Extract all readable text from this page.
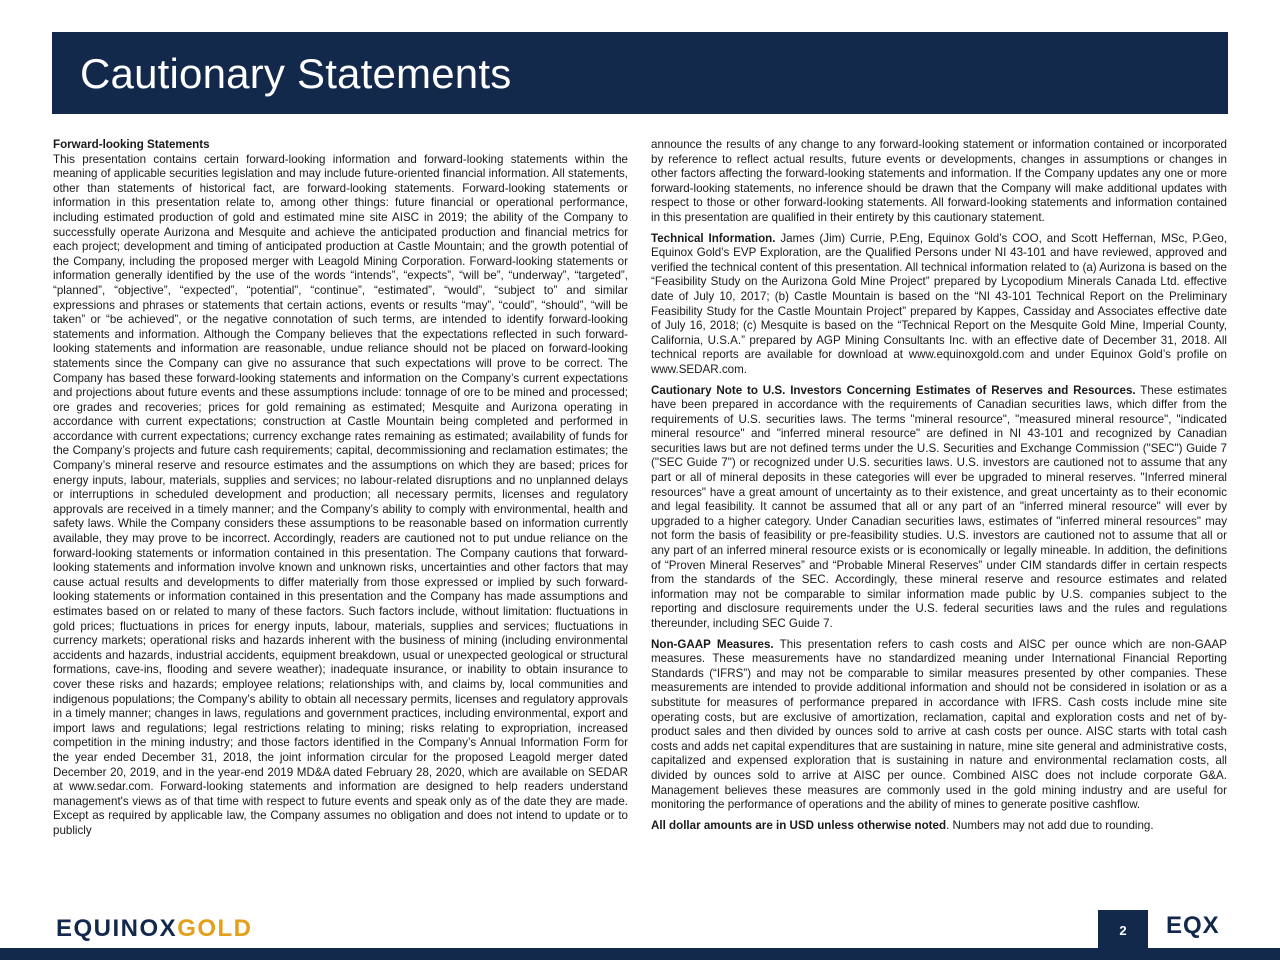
Cautionary Statements

Forward-looking Statements

This presentation contains certain forward-looking information and forward-looking statements within the meaning of applicable securities legislation and may include future-oriented financial information. All statements, other than statements of historical fact, are forward-looking statements. Forward-looking statements or information in this presentation relate to, among other things: future financial or operational performance, including estimated production of gold and estimated mine site AISC in 2019; the ability of the Company to successfully operate Aurizona and Mesquite and achieve the anticipated production and financial metrics for each project; development and timing of anticipated production at Castle Mountain; and the growth potential of the Company, including the proposed merger with Leagold Mining Corporation. Forward-looking statements or information generally identified by the use of the words “intends”, “expects”, “will be”, “underway”, “targeted”, “planned”, “objective”, “expected”, “potential”, “continue”, “estimated”, “would”, “subject to” and similar expressions and phrases or statements that certain actions, events or results “may”, “could”, “should”, “will be taken” or “be achieved”, or the negative connotation of such terms, are intended to identify forward-looking statements and information. Although the Company believes that the expectations reflected in such forward-looking statements and information are reasonable, undue reliance should not be placed on forward-looking statements since the Company can give no assurance that such expectations will prove to be correct. The Company has based these forward-looking statements and information on the Company’s current expectations and projections about future events and these assumptions include: tonnage of ore to be mined and processed; ore grades and recoveries; prices for gold remaining as estimated; Mesquite and Aurizona operating in accordance with current expectations; construction at Castle Mountain being completed and performed in accordance with current expectations; currency exchange rates remaining as estimated; availability of funds for the Company’s projects and future cash requirements; capital, decommissioning and reclamation estimates; the Company’s mineral reserve and resource estimates and the assumptions on which they are based; prices for energy inputs, labour, materials, supplies and services; no labour-related disruptions and no unplanned delays or interruptions in scheduled development and production; all necessary permits, licenses and regulatory approvals are received in a timely manner; and the Company’s ability to comply with environmental, health and safety laws. While the Company considers these assumptions to be reasonable based on information currently available, they may prove to be incorrect. Accordingly, readers are cautioned not to put undue reliance on the forward-looking statements or information contained in this presentation. The Company cautions that forward-looking statements and information involve known and unknown risks, uncertainties and other factors that may cause actual results and developments to differ materially from those expressed or implied by such forward-looking statements or information contained in this presentation and the Company has made assumptions and estimates based on or related to many of these factors. Such factors include, without limitation: fluctuations in gold prices; fluctuations in prices for energy inputs, labour, materials, supplies and services; fluctuations in currency markets; operational risks and hazards inherent with the business of mining (including environmental accidents and hazards, industrial accidents, equipment breakdown, usual or unexpected geological or structural formations, cave-ins, flooding and severe weather); inadequate insurance, or inability to obtain insurance to cover these risks and hazards; employee relations; relationships with, and claims by, local communities and indigenous populations; the Company’s ability to obtain all necessary permits, licenses and regulatory approvals in a timely manner; changes in laws, regulations and government practices, including environmental, export and import laws and regulations; legal restrictions relating to mining; risks relating to expropriation, increased competition in the mining industry; and those factors identified in the Company’s Annual Information Form for the year ended December 31, 2018, the joint information circular for the proposed Leagold merger dated December 20, 2019, and in the year-end 2019 MD&A dated February 28, 2020, which are available on SEDAR at www.sedar.com. Forward-looking statements and information are designed to help readers understand management's views as of that time with respect to future events and speak only as of the date they are made. Except as required by applicable law, the Company assumes no obligation and does not intend to update or to publicly

announce the results of any change to any forward-looking statement or information contained or incorporated by reference to reflect actual results, future events or developments, changes in assumptions or changes in other factors affecting the forward-looking statements and information. If the Company updates any one or more forward-looking statements, no inference should be drawn that the Company will make additional updates with respect to those or other forward-looking statements. All forward-looking statements and information contained in this presentation are qualified in their entirety by this cautionary statement.

Technical Information. James (Jim) Currie, P.Eng, Equinox Gold’s COO, and Scott Heffernan, MSc, P.Geo, Equinox Gold’s EVP Exploration, are the Qualified Persons under NI 43-101 and have reviewed, approved and verified the technical content of this presentation. All technical information related to (a) Aurizona is based on the “Feasibility Study on the Aurizona Gold Mine Project” prepared by Lycopodium Minerals Canada Ltd. effective date of July 10, 2017; (b) Castle Mountain is based on the “NI 43-101 Technical Report on the Preliminary Feasibility Study for the Castle Mountain Project” prepared by Kappes, Cassiday and Associates effective date of July 16, 2018; (c) Mesquite is based on the “Technical Report on the Mesquite Gold Mine, Imperial County, California, U.S.A.” prepared by AGP Mining Consultants Inc. with an effective date of December 31, 2018. All technical reports are available for download at www.equinoxgold.com and under Equinox Gold’s profile on www.SEDAR.com.

Cautionary Note to U.S. Investors Concerning Estimates of Reserves and Resources. These estimates have been prepared in accordance with the requirements of Canadian securities laws, which differ from the requirements of U.S. securities laws. The terms "mineral resource", "measured mineral resource", "indicated mineral resource" and "inferred mineral resource" are defined in NI 43-101 and recognized by Canadian securities laws but are not defined terms under the U.S. Securities and Exchange Commission ("SEC") Guide 7 ("SEC Guide 7") or recognized under U.S. securities laws. U.S. investors are cautioned not to assume that any part or all of mineral deposits in these categories will ever be upgraded to mineral reserves. "Inferred mineral resources" have a great amount of uncertainty as to their existence, and great uncertainty as to their economic and legal feasibility. It cannot be assumed that all or any part of an "inferred mineral resource" will ever by upgraded to a higher category. Under Canadian securities laws, estimates of "inferred mineral resources" may not form the basis of feasibility or pre-feasibility studies. U.S. investors are cautioned not to assume that all or any part of an inferred mineral resource exists or is economically or legally mineable. In addition, the definitions of “Proven Mineral Reserves” and “Probable Mineral Reserves” under CIM standards differ in certain respects from the standards of the SEC. Accordingly, these mineral reserve and resource estimates and related information may not be comparable to similar information made public by U.S. companies subject to the reporting and disclosure requirements under the U.S. federal securities laws and the rules and regulations thereunder, including SEC Guide 7.

Non-GAAP Measures. This presentation refers to cash costs and AISC per ounce which are non-GAAP measures. These measurements have no standardized meaning under International Financial Reporting Standards (“IFRS”) and may not be comparable to similar measures presented by other companies. These measurements are intended to provide additional information and should not be considered in isolation or as a substitute for measures of performance prepared in accordance with IFRS. Cash costs include mine site operating costs, but are exclusive of amortization, reclamation, capital and exploration costs and net of by-product sales and then divided by ounces sold to arrive at cash costs per ounce. AISC starts with total cash costs and adds net capital expenditures that are sustaining in nature, mine site general and administrative costs, capitalized and expensed exploration that is sustaining in nature and environmental reclamation costs, all divided by ounces sold to arrive at AISC per ounce. Combined AISC does not include corporate G&A. Management believes these measures are commonly used in the gold mining industry and are useful for monitoring the performance of operations and the ability of mines to generate positive cashflow.

All dollar amounts are in USD unless otherwise noted. Numbers may not add due to rounding.

EQUINOXGOLD	2	EQX
